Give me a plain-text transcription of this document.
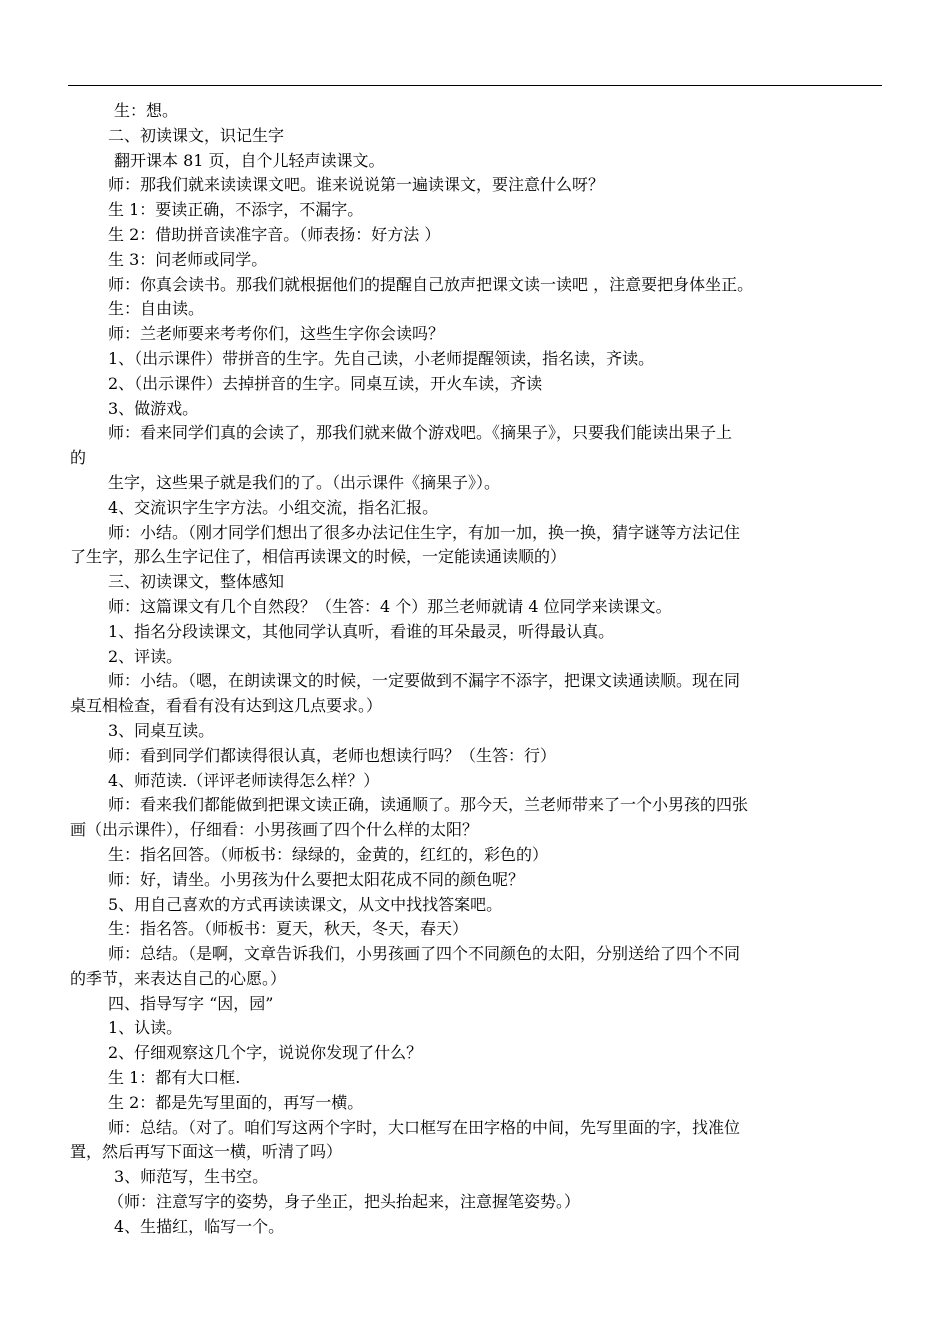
生：想。

二、初读课文，识记生字

翻开课本 81 页，自个儿轻声读课文。

师：那我们就来读读课文吧。谁来说说第一遍读课文，要注意什么呀？

生 1：要读正确，不添字，不漏字。

生 2：借助拼音读准字音。（师表扬：好方法 ）

生 3：问老师或同学。

师：你真会读书。那我们就根据他们的提醒自己放声把课文读一读吧 ，注意要把身体坐正。

生：自由读。

师：兰老师要来考考你们，这些生字你会读吗？

1、（出示课件）带拼音的生字。先自己读，小老师提醒领读，指名读，齐读。

2、（出示课件）去掉拼音的生字。同桌互读，开火车读，齐读

3、做游戏。

师：看来同学们真的会读了，那我们就来做个游戏吧。《摘果子》，只要我们能读出果子上

的

生字，这些果子就是我们的了。（出示课件《摘果子》）。

4、交流识字生字方法。小组交流，指名汇报。

师：小结。（刚才同学们想出了很多办法记住生字，有加一加，换一换，猜字谜等方法记住

了生字，那么生字记住了，相信再读课文的时候，一定能读通读顺的）

三、初读课文，整体感知

师：这篇课文有几个自然段？（生答：4 个）那兰老师就请 4 位同学来读课文。

1、指名分段读课文，其他同学认真听，看谁的耳朵最灵，听得最认真。

2、评读。

师：小结。（嗯，在朗读课文的时候，一定要做到不漏字不添字，把课文读通读顺。现在同

桌互相检查，看看有没有达到这几点要求。）

3、同桌互读。

师：看到同学们都读得很认真，老师也想读行吗？（生答：行）

4、师范读.（评评老师读得怎么样？）

师：看来我们都能做到把课文读正确，读通顺了。那今天，兰老师带来了一个小男孩的四张

画（出示课件），仔细看：小男孩画了四个什么样的太阳？

生：指名回答。（师板书：绿绿的，金黄的，红红的，彩色的）

师：好，请坐。小男孩为什么要把太阳花成不同的颜色呢？

5、用自己喜欢的方式再读读课文，从文中找找答案吧。

生：指名答。（师板书：夏天，秋天，冬天，春天）

师：总结。（是啊，文章告诉我们，小男孩画了四个不同颜色的太阳，分别送给了四个不同

的季节，来表达自己的心愿。）

四、指导写字 “因，园”

1、认读。

2、仔细观察这几个字，说说你发现了什么？

生 1：都有大口框.

生 2：都是先写里面的，再写一横。

师：总结。（对了。咱们写这两个字时，大口框写在田字格的中间，先写里面的字，找准位

置，然后再写下面这一横，听清了吗）

3、师范写，生书空。

（师：注意写字的姿势，身子坐正，把头抬起来，注意握笔姿势。）

4、生描红，临写一个。
